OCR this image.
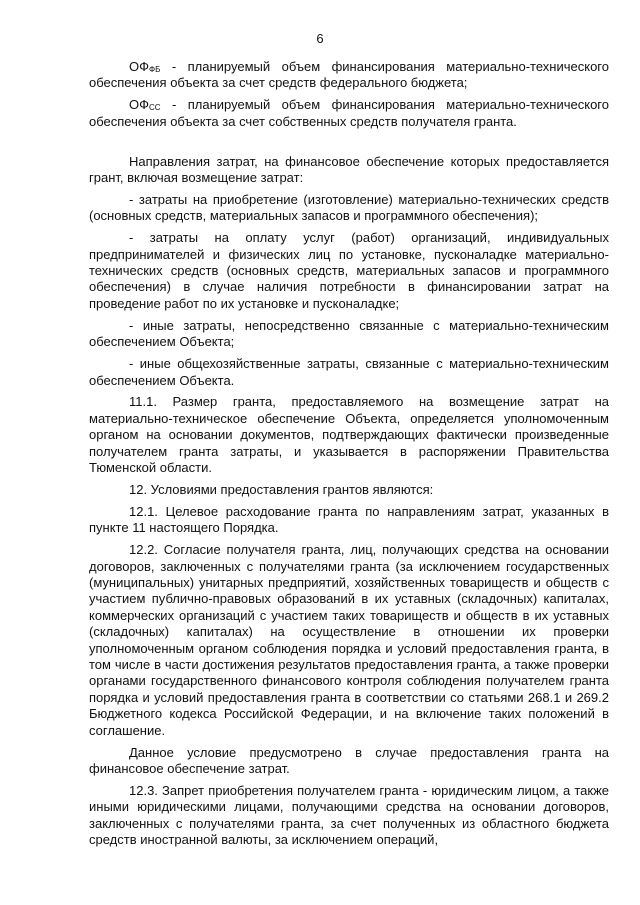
6

$ОФ_{ФБ}$ - планируемый объем финансирования материально-технического обеспечения объекта за счет средств федерального бюджета;

$ОФ_{СС}$ - планируемый объем финансирования материально-технического обеспечения объекта за счет собственных средств получателя гранта.

Направления затрат, на финансовое обеспечение которых предоставляется грант, включая возмещение затрат:

- затраты на приобретение (изготовление) материально-технических средств (основных средств, материальных запасов и программного обеспечения);

- затраты на оплату услуг (работ) организаций, индивидуальных предпринимателей и физических лиц по установке, пусконаладке материально-технических средств (основных средств, материальных запасов и программного обеспечения) в случае наличия потребности в финансировании затрат на проведение работ по их установке и пусконаладке;

- иные затраты, непосредственно связанные с материально-техническим обеспечением Объекта;

- иные общехозяйственные затраты, связанные с материально-техническим обеспечением Объекта.

11.1. Размер гранта, предоставляемого на возмещение затрат на материально-техническое обеспечение Объекта, определяется уполномоченным органом на основании документов, подтверждающих фактически произведенные получателем гранта затраты, и указывается в распоряжении Правительства Тюменской области.

12. Условиями предоставления грантов являются:

12.1. Целевое расходование гранта по направлениям затрат, указанных в пункте 11 настоящего Порядка.

12.2. Согласие получателя гранта, лиц, получающих средства на основании договоров, заключенных с получателями гранта (за исключением государственных (муниципальных) унитарных предприятий, хозяйственных товариществ и обществ с участием публично-правовых образований в их уставных (складочных) капиталах, коммерческих организаций с участием таких товариществ и обществ в их уставных (складочных) капиталах) на осуществление в отношении их проверки уполномоченным органом соблюдения порядка и условий предоставления гранта, в том числе в части достижения результатов предоставления гранта, а также проверки органами государственного финансового контроля соблюдения получателем гранта порядка и условий предоставления гранта в соответствии со статьями 268.1 и 269.2 Бюджетного кодекса Российской Федерации, и на включение таких положений в соглашение.

Данное условие предусмотрено в случае предоставления гранта на финансовое обеспечение затрат.

12.3. Запрет приобретения получателем гранта - юридическим лицом, а также иными юридическими лицами, получающими средства на основании договоров, заключенных с получателями гранта, за счет полученных из областного бюджета средств иностранной валюты, за исключением операций,
